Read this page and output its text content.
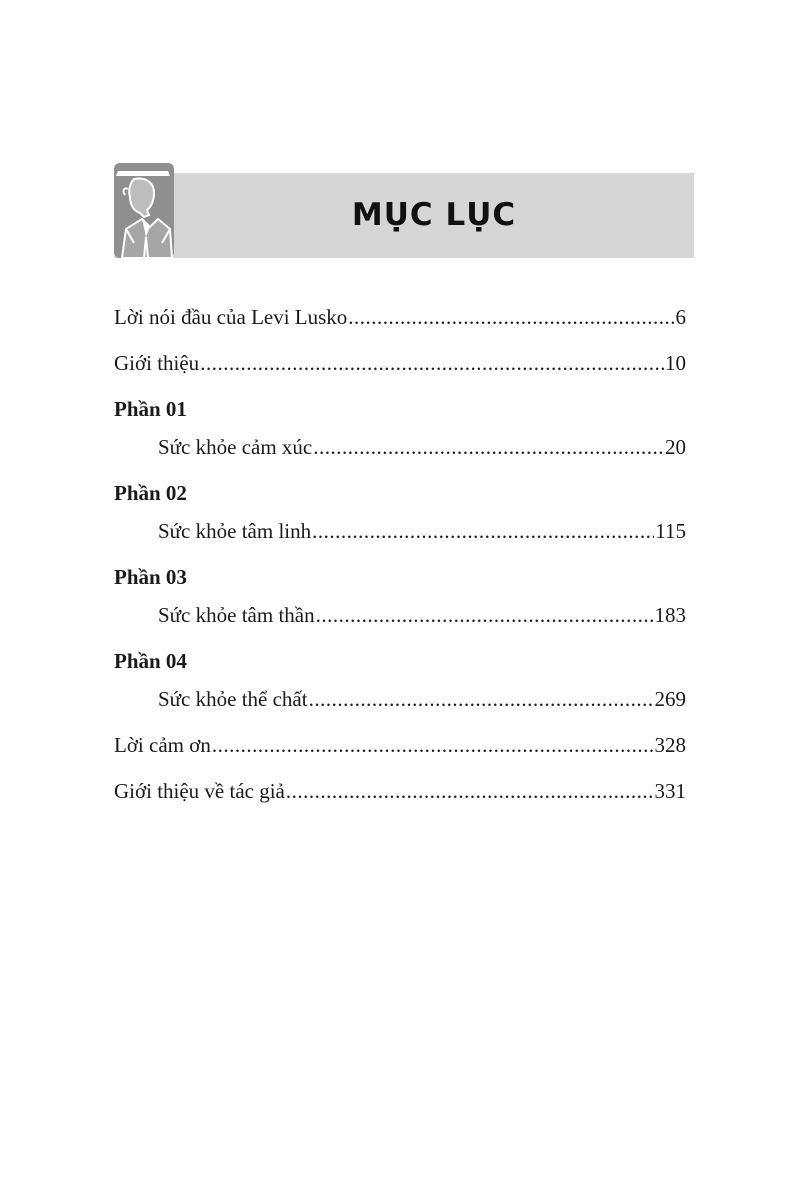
MỤC LỤC
Lời nói đầu của Levi Lusko .....	6
Giới thiệu .....	10
Phần 01
Sức khỏe cảm xúc .....	20
Phần 02
Sức khỏe tâm linh .....	115
Phần 03
Sức khỏe tâm thần .....	183
Phần 04
Sức khỏe thể chất .....	269
Lời cảm ơn .....	328
Giới thiệu về tác giả .....	331
